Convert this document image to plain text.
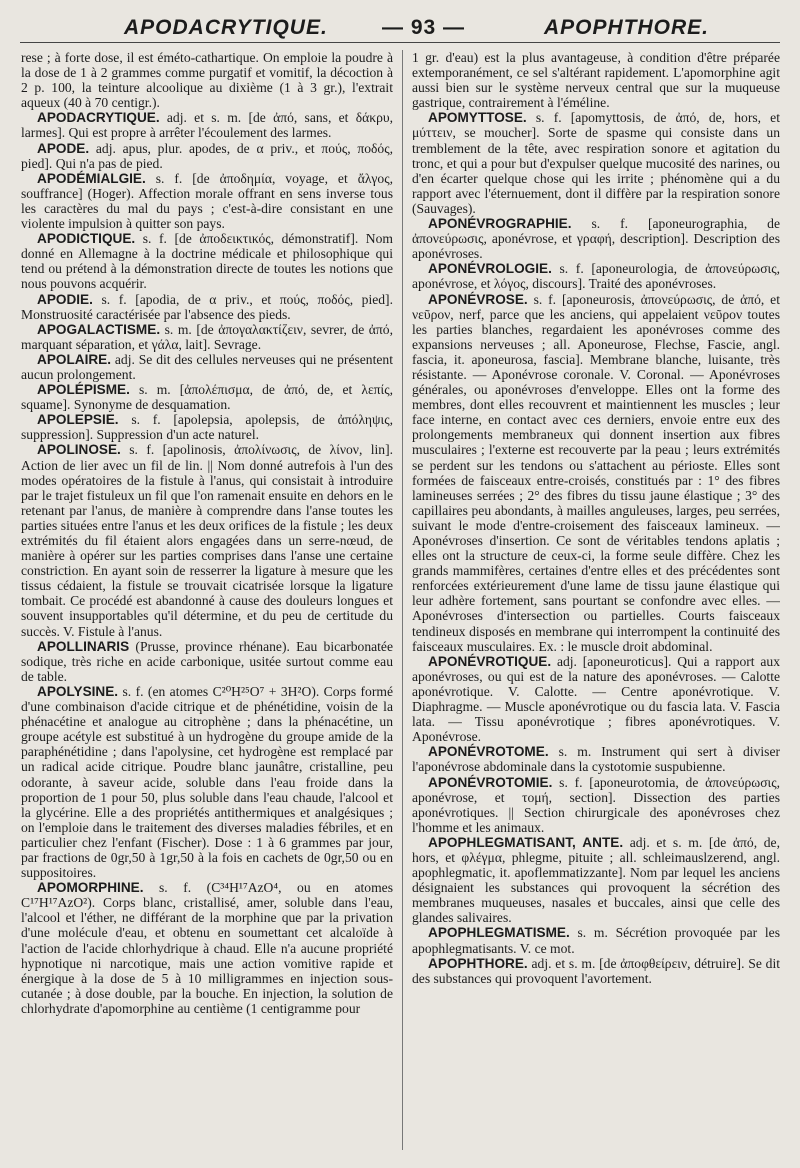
APODACRYTIQUE.	— 93 —	APOPHTHORE.

rese ; à forte dose, il est éméto-cathartique. On emploie la poudre à la dose de 1 à 2 grammes comme purgatif et vomitif, la décoction à 2 p. 100, la teinture alcoolique au dixième (1 à 3 gr.), l'extrait aqueux (40 à 70 centigr.).

APODACRYTIQUE. adj. et s. m. [de ἀπό, sans, et δάκρυ, larmes]. Qui est propre à arrêter l'écoulement des larmes.

APODE. adj. apus, plur. apodes, de α priv., et πούς, ποδός, pied]. Qui n'a pas de pied.

APODÉMIALGIE. s. f. [de ἀποδημία, voyage, et ἄλγος, souffrance] (Hoger). Affection morale offrant en sens inverse tous les caractères du mal du pays ; c'est-à-dire consistant en une violente impulsion à quitter son pays.

APODICTIQUE. s. f. [de ἀποδεικτικός, démonstratif]. Nom donné en Allemagne à la doctrine médicale et philosophique qui tend ou prétend à la démonstration directe de toutes les notions que nous pouvons acquérir.

APODIE. s. f. [apodia, de α priv., et πούς, ποδός, pied]. Monstruosité caractérisée par l'absence des pieds.

APOGALACTISME. s. m. [de ἀπογαλακτίζειν, sevrer, de ἀπό, marquant séparation, et γάλα, lait]. Sevrage.

APOLAIRE. adj. Se dit des cellules nerveuses qui ne présentent aucun prolongement.

APOLÉPISME. s. m. [ἀπολέπισμα, de ἀπό, de, et λεπίς, squame]. Synonyme de desquamation.

APOLEPSIE. s. f. [apolepsia, apolepsis, de ἀπόληψις, suppression]. Suppression d'un acte naturel.

APOLINOSE. s. f. [apolinosis, ἀπολίνωσις, de λίνον, lin]. Action de lier avec un fil de lin. || Nom donné autrefois à l'un des modes opératoires de la fistule à l'anus, qui consistait à introduire par le trajet fistuleux un fil que l'on ramenait ensuite en dehors en le retenant par l'anus, de manière à comprendre dans l'anse toutes les parties situées entre l'anus et les deux orifices de la fistule ; les deux extrémités du fil étaient alors engagées dans un serre-nœud, de manière à opérer sur les parties comprises dans l'anse une certaine constriction. En ayant soin de resserrer la ligature à mesure que les tissus cédaient, la fistule se trouvait cicatrisée lorsque la ligature tombait. Ce procédé est abandonné à cause des douleurs longues et souvent insupportables qu'il détermine, et du peu de certitude du succès. V. Fistule à l'anus.

APOLLINARIS (Prusse, province rhénane). Eau bicarbonatée sodique, très riche en acide carbonique, usitée surtout comme eau de table.

APOLYSINE. s. f. (en atomes C²⁰H²⁵O⁷ + 3H²O). Corps formé d'une combinaison d'acide citrique et de phénétidine, voisin de la phénacétine et analogue au citrophène ; dans la phénacétine, un groupe acétyle est substitué à un hydrogène du groupe amide de la paraphénétidine ; dans l'apolysine, cet hydrogène est remplacé par un radical acide citrique. Poudre blanc jaunâtre, cristalline, peu odorante, à saveur acide, soluble dans l'eau froide dans la proportion de 1 pour 50, plus soluble dans l'eau chaude, l'alcool et la glycérine. Elle a des propriétés antithermiques et analgésiques ; on l'emploie dans le traitement des diverses maladies fébriles, et en particulier chez l'enfant (Fischer). Dose : 1 à 6 grammes par jour, par fractions de 0gr,50 à 1gr,50 à la fois en cachets de 0gr,50 ou en suppositoires.

APOMORPHINE. s. f. (C³⁴H¹⁷AzO⁴, ou en atomes C¹⁷H¹⁷AzO²). Corps blanc, cristallisé, amer, soluble dans l'eau, l'alcool et l'éther, ne différant de la morphine que par la privation d'une molécule d'eau, et obtenu en soumettant cet alcaloïde à l'action de l'acide chlorhydrique à chaud. Elle n'a aucune propriété hypnotique ni narcotique, mais une action vomitive rapide et énergique à la dose de 5 à 10 milligrammes en injection sous-cutanée ; à dose double, par la bouche. En injection, la solution de chlorhydrate d'apomorphine au centième (1 centigramme pour

1 gr. d'eau) est la plus avantageuse, à condition d'être préparée extemporanément, ce sel s'altérant rapidement. L'apomorphine agit aussi bien sur le système nerveux central que sur la muqueuse gastrique, contrairement à l'éméline.

APOMYTTOSE. s. f. [apomyttosis, de ἀπό, de, hors, et μύττειν, se moucher]. Sorte de spasme qui consiste dans un tremblement de la tête, avec respiration sonore et agitation du tronc, et qui a pour but d'expulser quelque mucosité des narines, ou d'en écarter quelque chose qui les irrite ; phénomène qui a du rapport avec l'éternuement, dont il diffère par la respiration sonore (Sauvages).

APONÉVROGRAPHIE. s. f. [aponeurographia, de ἀπονεύρωσις, aponévrose, et γραφή, description]. Description des aponévroses.

APONÉVROLOGIE. s. f. [aponeurologia, de ἀπονεύρωσις, aponévrose, et λόγος, discours]. Traité des aponévroses.

APONÉVROSE. s. f. [aponeurosis, ἀπονεύρωσις, de ἀπό, et νεῦρον, nerf, parce que les anciens, qui appelaient νεῦρον toutes les parties blanches, regardaient les aponévroses comme des expansions nerveuses ; all. Aponeurose, Flechse, Fascie, angl. fascia, it. aponeurosa, fascia]. Membrane blanche, luisante, très résistante. — Aponévrose coronale. V. Coronal. — Aponévroses générales, ou aponévroses d'enveloppe. Elles ont la forme des membres, dont elles recouvrent et maintiennent les muscles ; leur face interne, en contact avec ces derniers, envoie entre eux des prolongements membraneux qui donnent insertion aux fibres musculaires ; l'externe est recouverte par la peau ; leurs extrémités se perdent sur les tendons ou s'attachent au périoste. Elles sont formées de faisceaux entre-croisés, constitués par : 1° des fibres lamineuses serrées ; 2° des fibres du tissu jaune élastique ; 3° des capillaires peu abondants, à mailles anguleuses, larges, peu serrées, suivant le mode d'entre-croisement des faisceaux lamineux. — Aponévroses d'insertion. Ce sont de véritables tendons aplatis ; elles ont la structure de ceux-ci, la forme seule diffère. Chez les grands mammifères, certaines d'entre elles et des précédentes sont renforcées extérieurement d'une lame de tissu jaune élastique qui leur adhère fortement, sans pourtant se confondre avec elles. — Aponévroses d'intersection ou partielles. Courts faisceaux tendineux disposés en membrane qui interrompent la continuité des faisceaux musculaires. Ex. : le muscle droit abdominal.

APONÉVROTIQUE. adj. [aponeuroticus]. Qui a rapport aux aponévroses, ou qui est de la nature des aponévroses. — Calotte aponévrotique. V. Calotte. — Centre aponévrotique. V. Diaphragme. — Muscle aponévrotique ou du fascia lata. V. Fascia lata. — Tissu aponévrotique ; fibres aponévrotiques. V. Aponévrose.

APONÉVROTOME. s. m. Instrument qui sert à diviser l'aponévrose abdominale dans la cystotomie suspubienne.

APONÉVROTOMIE. s. f. [aponeurotomia, de ἀπονεύρωσις, aponévrose, et τομή, section]. Dissection des parties aponévrotiques. || Section chirurgicale des aponévroses chez l'homme et les animaux.

APOPHLEGMATISANT, ANTE. adj. et s. m. [de ἀπό, de, hors, et φλέγμα, phlegme, pituite ; all. schleimauslzerend, angl. apophlegmatic, it. apoflemmatizzante]. Nom par lequel les anciens désignaient les substances qui provoquent la sécrétion des membranes muqueuses, nasales et buccales, ainsi que celle des glandes salivaires.

APOPHLEGMATISME. s. m. Sécrétion provoquée par les apophlegmatisants. V. ce mot.

APOPHTHORE. adj. et s. m. [de ἀποφθείρειν, détruire]. Se dit des substances qui provoquent l'avortement.
